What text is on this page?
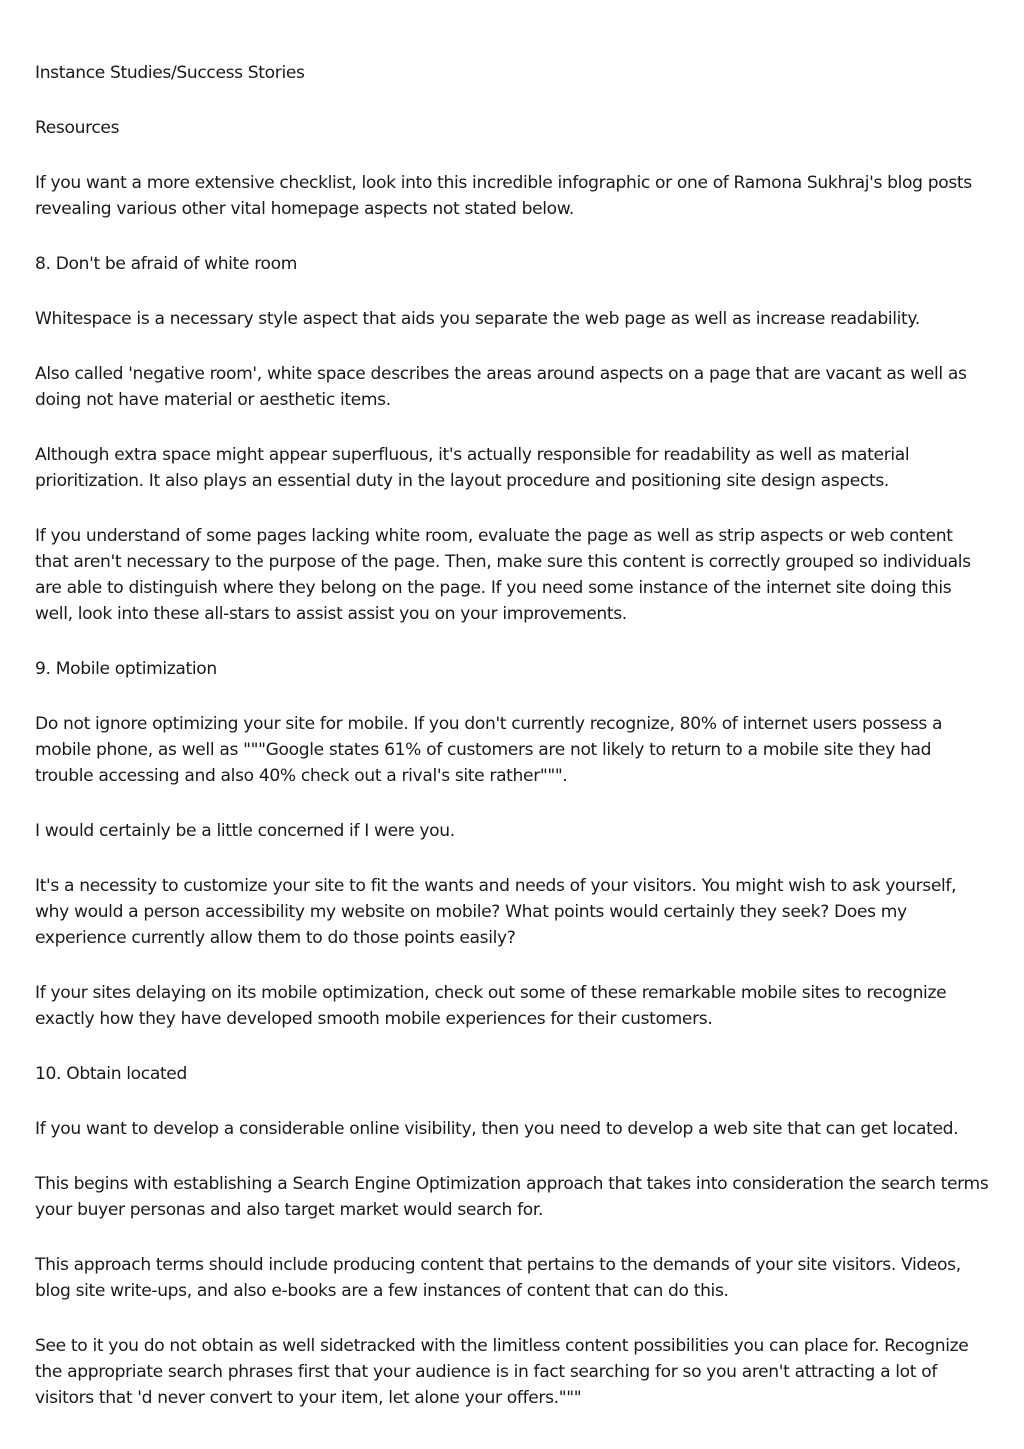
Instance Studies/Success Stories

Resources

If you want a more extensive checklist, look into this incredible infographic or one of Ramona Sukhraj's blog posts revealing various other vital homepage aspects not stated below.

8. Don't be afraid of white room

Whitespace is a necessary style aspect that aids you separate the web page as well as increase readability.

Also called 'negative room', white space describes the areas around aspects on a page that are vacant as well as doing not have material or aesthetic items.

Although extra space might appear superfluous, it's actually responsible for readability as well as material prioritization. It also plays an essential duty in the layout procedure and positioning site design aspects.

If you understand of some pages lacking white room, evaluate the page as well as strip aspects or web content that aren't necessary to the purpose of the page. Then, make sure this content is correctly grouped so individuals are able to distinguish where they belong on the page. If you need some instance of the internet site doing this well, look into these all-stars to assist assist you on your improvements.

9. Mobile optimization

Do not ignore optimizing your site for mobile. If you don't currently recognize, 80% of internet users possess a mobile phone, as well as """Google states 61% of customers are not likely to return to a mobile site they had trouble accessing and also 40% check out a rival's site rather""".

I would certainly be a little concerned if I were you.

It's a necessity to customize your site to fit the wants and needs of your visitors. You might wish to ask yourself, why would a person accessibility my website on mobile? What points would certainly they seek? Does my experience currently allow them to do those points easily?

If your sites delaying on its mobile optimization, check out some of these remarkable mobile sites to recognize exactly how they have developed smooth mobile experiences for their customers.

10. Obtain located

If you want to develop a considerable online visibility, then you need to develop a web site that can get located.

This begins with establishing a Search Engine Optimization approach that takes into consideration the search terms your buyer personas and also target market would search for.

This approach terms should include producing content that pertains to the demands of your site visitors. Videos, blog site write-ups, and also e-books are a few instances of content that can do this.

See to it you do not obtain as well sidetracked with the limitless content possibilities you can place for. Recognize the appropriate search phrases first that your audience is in fact searching for so you aren't attracting a lot of visitors that 'd never convert to your item, let alone your offers."""
